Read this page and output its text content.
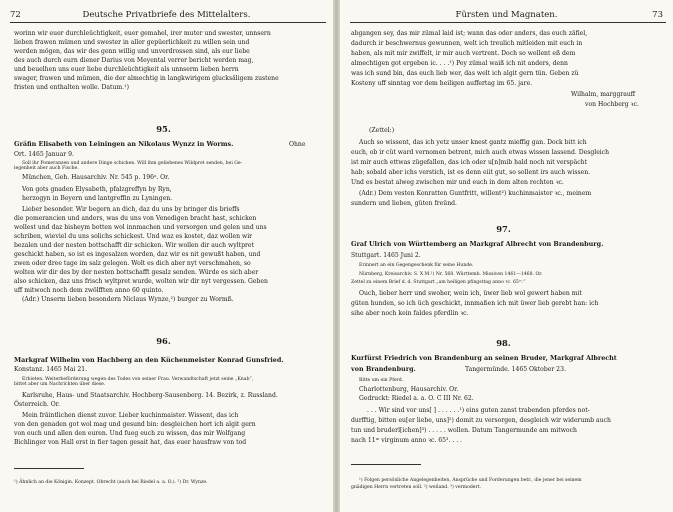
72	Deutsche Privatbriefe des Mittelalters.
worinn wir euer durchleüchtigkeit, euer gemahel, irer muter und swester, unnsern
lieben frawen mümen und swester in aller gepüerlichkeit zu willen sein und
werden mögen, das wir des genn willig und unverdrossen sind, als eur liebe
des auch durch eurn diener Darius von Meyental verrer bericht werden mag,
und beuelhen uns euer liebe durchleüchtigkeit als unnserm lieben herrn
swager, frawen und mümen, die der almechtig in langkwirigem glucksäligem zustene
fristen und enthalten wolle. Datum.¹)
95.
Gräfin Elisabeth von Leiningen an Nikolaus Wynzz in Worms.	Ohne
Ort. 1465 Januar 9.
Soll ihr Pomeranzen und andere Dinge schicken. Will ihm geliehenes Wildpret senden, bei Ge-
legenheit aber auch Fische.
München, Geh. Hausarchiv. Nr. 545 p. 196ᵃ. Or.
Von gots gnaden Elysabeth, pfalzgreffyn by Ryn,
herzogyn in Beyern und lantgreffin zu Lyningen.
Lieber besonder. Wir begern an dich, daz du uns by bringer dis brieffs
die pomerancien und anders, was du uns von Venedigen bracht hast, schicken
wollest und daz bisheym botten wol innmachen und versorgen und gelen und uns
schriben, wieviel du uns solichs schickest. Und waz es kostet, daz wollen wir
bezalen und der nesten bottschafft dir schicken. Wir wollen dir auch wyltpret
geschickt haben, so ist es ingesalzen worden, daz wir es nit gewußt haben, und
zwen oder dree tage im salz gelegen. Wolt es dich aber nyt verschmahen, so
wolten wir dir des by der nesten bottschafft gesalz senden. Würde es sich aber
also schicken, daz uns frisch wyltpret wurde, wolten wir dir nyt vergessen. Geben
uff mitwoch noch dem zwölfften anno 60 quinto.
(Adr.) Unserm lieben besondern Niclaus Wynze,²) burger zu Wormß.
96.
Markgraf Wilhelm von Hachberg an den Küchenmeister Konrad Gunsfried.
Konstanz. 1465 Mai 21.
Erbieten. Weiterbeförderung wegen des Todes von seiner Frau. Verwandtschaft jetzt seine „Knab“,
bittet aber um Nachrichten über diese.
Karlsruhe, Haus- und Staatsarchiv. Hochberg-Sausenberg. 14. Bezirk, z. Russland.
Österreich. Or.
Mein fräintlichen dienst zuvor. Lieber kuchinmaister. Wissent, das ich
von den genaden got wol mag und gesund bin: desgleichen hort ich algit gern
von euch und allen den euren. Und fueg euch zu wissen, das mir Wolfgang
Bichlinger von Hall erst in fier tagen gesait hat, das euer hausfraw von tod
¹) Ähnlich an die Königin. Konzept. Obrecht (auch bei Riedel a. a. O.). ²) Dr. Wynze.
Fürsten und Magnaten.	73
abgangen sey, das mir zümal laid ist; wann das oder anders, das euch zäfiel,
dadurch ir beschwernus gewunnen, welt ich treulich mitleiden mit euch in
haben, als mit mir zwiffelt, ir mir auch vertrent. Doch so wellent eß dem
almechtigen got ergeben ic. . . .¹) Pey zümal waiß ich nit anders, denn
was ich sund bin, das euch lieb wer, das welt ich algit gern tün. Geben zü
Kosteny uff sinntag vor dem heiligen auffertag im 65. jare.
Wilhalm, marggrauff
von Hochberg ꝛc.
(Zettel:)
Auch so wissent, das ich yetz unser knest gantz mieffig gan. Dock bitt ich
euch, ob ir cüt ward vernomen betrent, mich auch etwas wissen lassend. Desgleich
ist mir auch ettwas zügefallen, das ich oder u[n]mib hald noch nit verspächt
hab; sobald aber ichs verstich, ist es denn eiit gut, so sollent irs auch wissen.
Und es bestat alweg zwischen mir und euch in dem alten rechten ꝛc.
(Adr.) Dem vesten Konratten Guntfritt, willent²) kuchinmaister ꝛc., meinem
sundern und lieben, güten freünd.
97.
Graf Ulrich von Württemberg an Markgraf Albrecht von Brandenburg.
Stuttgart. 1465 Juni 2.
Erinnert an ein Gegengeschenk für seine Hunde.
Nürnberg, Kreisarchiv. S. X M.¹) Nr. 568. Württemb. Missiven 1461—1468. Or.
Zettel zu einem Brief d. d. Stuttgart „am heiligen pfingsttag anno ꝛc. 65ᵗᵒ.“
Ouch, lieber herr und swoher, wein ich, üwer lieb wol gewert haben mit
güten hunden, so ich üch geschickt, innmaßen ich mit üwer lieb gerebt han: ich
sihe aber noch kein faldes pferdlin ꝛc.
98.
Kurfürst Friedrich von Brandenburg an seinen Bruder, Markgraf Albrecht
von Brandenburg.	Tangermünde. 1465 Oktober 23.
Bitte um ein Pferd.
Charlottenburg, Hausarchiv. Or.
Gedruckt: Riedel a. a. O. C III Nr. 62.
. . . Wir sind vor uns[ ] . . . . . .¹) eins guten zanst trabenden pferdes not-
durfftig, bitten eu[er liebe, uns]²) domit zu versorgen, desgleich wir widerumb auch
tun und bruderl[ichen]³) . . . . . wollen. Datum Tangermunde am mitwoch
nach 11ᵐ virginum anno ꝛc. 65³. . . .
¹) Folgen persönliche Angelegenheiten, Ansprüche und Forderungen betr., die jener bei seinem
gnädigen Herrn vertreten soll. ²) weiland. ³) vermodert.
